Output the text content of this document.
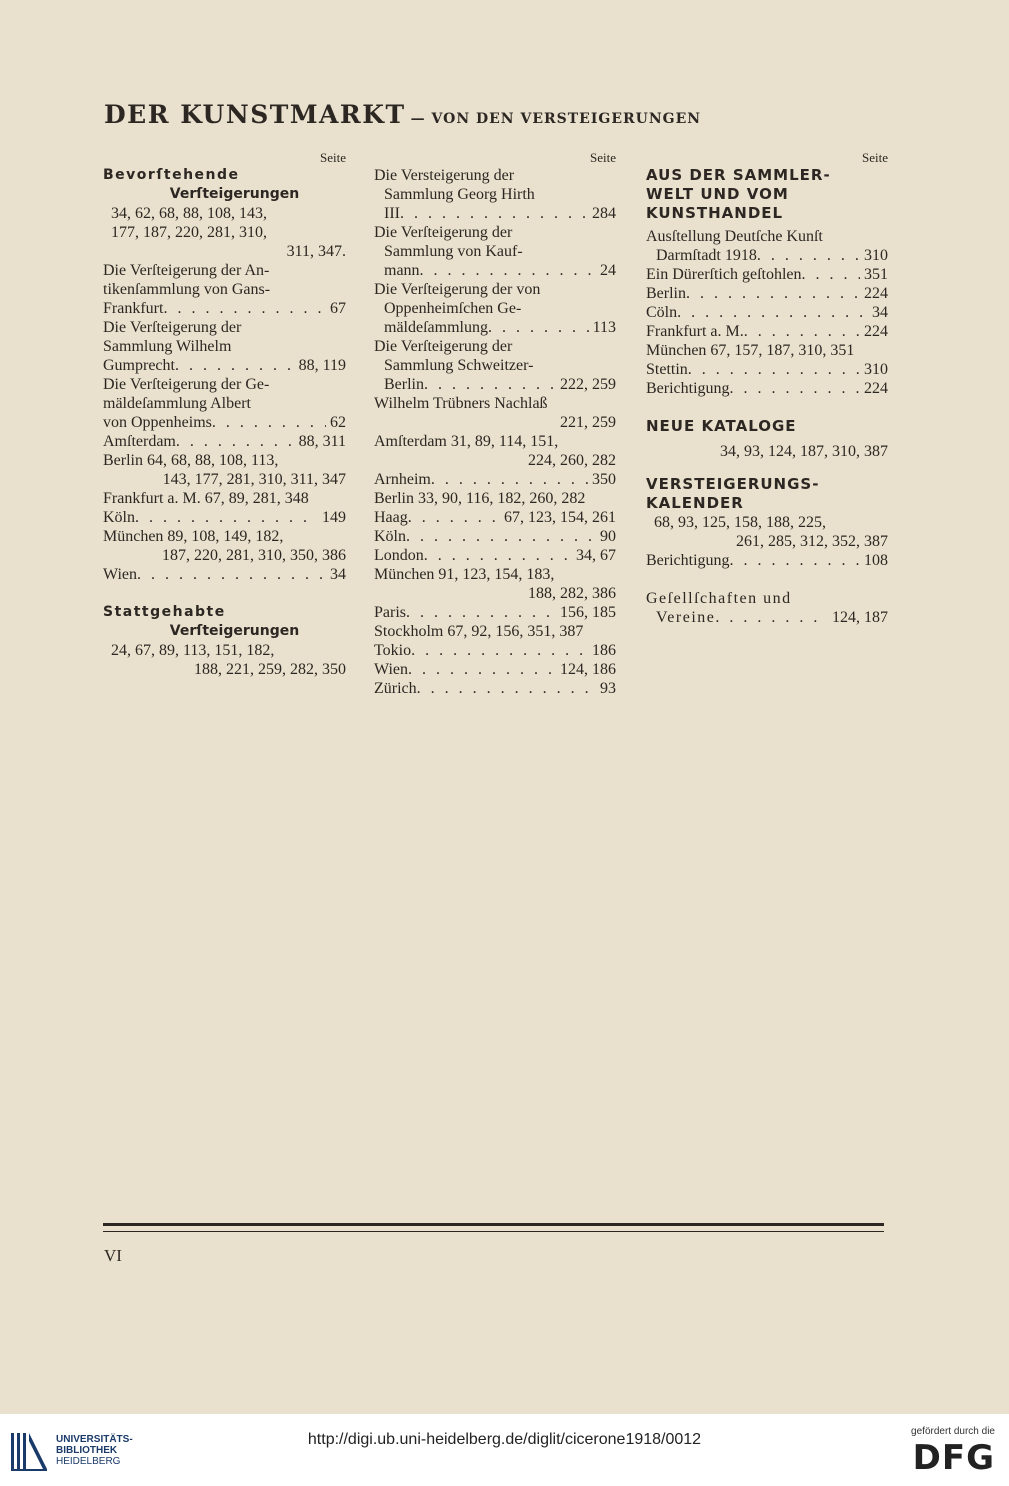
DER KUNSTMARKT — VON DEN VERSTEIGERUNGEN
Seite
Bevorſtehende
Verſteigerungen
34, 62, 68, 88, 108, 143,
177, 187, 220, 281, 310,
311, 347.
Die Verſteigerung der An-
tikenſammlung von Gans-
Frankfurt . . .	67
Die Verſteigerung der
Sammlung Wilhelm
Gumprecht . . .	88, 119
Die Verſteigerung der Ge-
mäldeſammlung Albert
von Oppenheims . . .	62
Amſterdam . . .	88, 311
Berlin 64, 68, 88, 108, 113,
143, 177, 281, 310, 311, 347
Frankfurt a. M. 67, 89, 281, 348
Köln . . .	149
München 89, 108, 149, 182,
187, 220, 281, 310, 350, 386
Wien . . .	34
Stattgehabte
Verſteigerungen
24, 67, 89, 113, 151, 182,
188, 221, 259, 282, 350
Seite
Die Versteigerung der
Sammlung Georg Hirth
III . . .	284
Die Verſteigerung der
Sammlung von Kauf-
mann . . .	24
Die Verſteigerung der von
Oppenheimſchen Ge-
mäldeſammlung . . .	113
Die Verſteigerung der
Sammlung Schweitzer-
Berlin . . .	222, 259
Wilhelm Trübners Nachlaß
221, 259
Amſterdam 31, 89, 114, 151,
224, 260, 282
Arnheim . . .	350
Berlin 33, 90, 116, 182, 260, 282
Haag . . .	67, 123, 154, 261
Köln . . .	90
London . . .	34, 67
München 91, 123, 154, 183,
188, 282, 386
Paris . . .	156, 185
Stockholm 67, 92, 156, 351, 387
Tokio . . .	186
Wien . . .	124, 186
Zürich . . .	93
Seite
AUS DER SAMMLER-
WELT UND VOM
KUNSTHANDEL
Ausſtellung Deutſche Kunſt
Darmſtadt 1918 . . .	310
Ein Dürerſtich geſtohlen . . .	351
Berlin . . .	224
Cöln . . .	34
Frankfurt a. M. . . .	224
München 67, 157, 187, 310, 351
Stettin . . .	310
Berichtigung . . .	224
NEUE KATALOGE
34, 93, 124, 187, 310, 387
VERSTEIGERUNGS-
KALENDER
68, 93, 125, 158, 188, 225,
261, 285, 312, 352, 387
Berichtigung . . .	108
Geſellſchaften und
Vereine . . .	124, 187
VI
UNIVERSITÄTS-
BIBLIOTHEK
HEIDELBERG
http://digi.ub.uni-heidelberg.de/diglit/cicerone1918/0012	gefördert durch die
DFG
